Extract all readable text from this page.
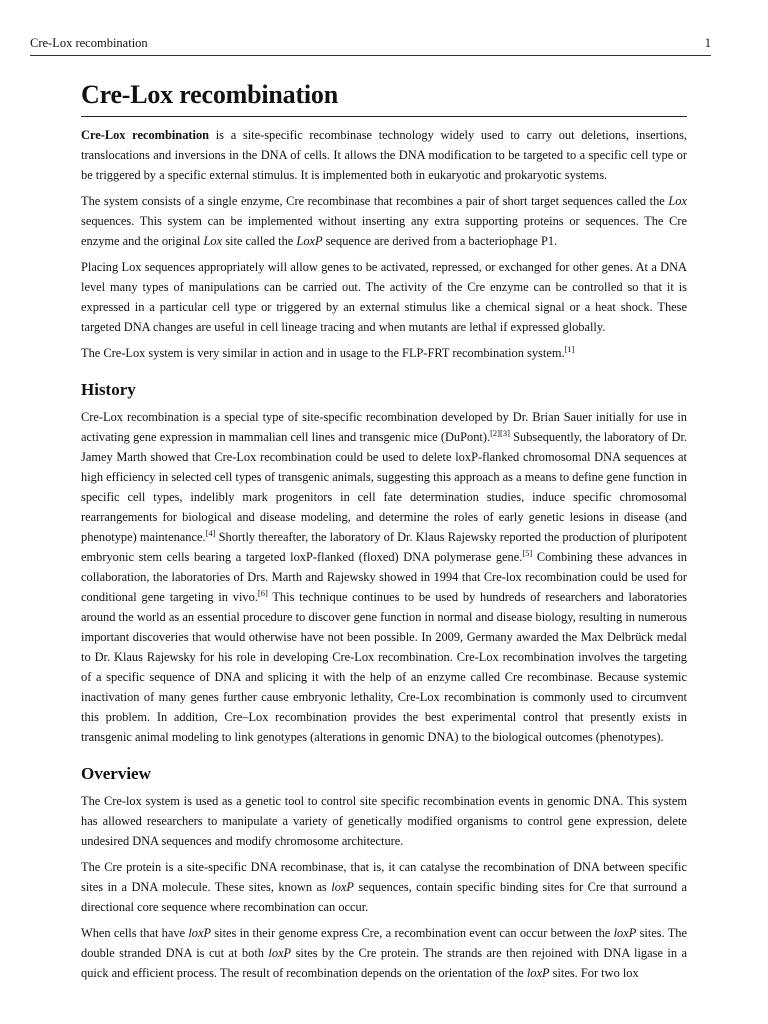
Cre-Lox recombination	1
Cre-Lox recombination

Cre-Lox recombination is a site-specific recombinase technology widely used to carry out deletions, insertions, translocations and inversions in the DNA of cells. It allows the DNA modification to be targeted to a specific cell type or be triggered by a specific external stimulus. It is implemented both in eukaryotic and prokaryotic systems.

The system consists of a single enzyme, Cre recombinase that recombines a pair of short target sequences called the Lox sequences. This system can be implemented without inserting any extra supporting proteins or sequences. The Cre enzyme and the original Lox site called the LoxP sequence are derived from a bacteriophage P1.

Placing Lox sequences appropriately will allow genes to be activated, repressed, or exchanged for other genes. At a DNA level many types of manipulations can be carried out. The activity of the Cre enzyme can be controlled so that it is expressed in a particular cell type or triggered by an external stimulus like a chemical signal or a heat shock. These targeted DNA changes are useful in cell lineage tracing and when mutants are lethal if expressed globally.

The Cre-Lox system is very similar in action and in usage to the FLP-FRT recombination system.[1]

History

Cre-Lox recombination is a special type of site-specific recombination developed by Dr. Brian Sauer initially for use in activating gene expression in mammalian cell lines and transgenic mice (DuPont).[2][3] Subsequently, the laboratory of Dr. Jamey Marth showed that Cre-Lox recombination could be used to delete loxP-flanked chromosomal DNA sequences at high efficiency in selected cell types of transgenic animals, suggesting this approach as a means to define gene function in specific cell types, indelibly mark progenitors in cell fate determination studies, induce specific chromosomal rearrangements for biological and disease modeling, and determine the roles of early genetic lesions in disease (and phenotype) maintenance.[4] Shortly thereafter, the laboratory of Dr. Klaus Rajewsky reported the production of pluripotent embryonic stem cells bearing a targeted loxP-flanked (floxed) DNA polymerase gene.[5] Combining these advances in collaboration, the laboratories of Drs. Marth and Rajewsky showed in 1994 that Cre-lox recombination could be used for conditional gene targeting in vivo.[6] This technique continues to be used by hundreds of researchers and laboratories around the world as an essential procedure to discover gene function in normal and disease biology, resulting in numerous important discoveries that would otherwise have not been possible. In 2009, Germany awarded the Max Delbrück medal to Dr. Klaus Rajewsky for his role in developing Cre-Lox recombination. Cre-Lox recombination involves the targeting of a specific sequence of DNA and splicing it with the help of an enzyme called Cre recombinase. Because systemic inactivation of many genes further cause embryonic lethality, Cre-Lox recombination is commonly used to circumvent this problem. In addition, Cre–Lox recombination provides the best experimental control that presently exists in transgenic animal modeling to link genotypes (alterations in genomic DNA) to the biological outcomes (phenotypes).

Overview

The Cre-lox system is used as a genetic tool to control site specific recombination events in genomic DNA. This system has allowed researchers to manipulate a variety of genetically modified organisms to control gene expression, delete undesired DNA sequences and modify chromosome architecture.

The Cre protein is a site-specific DNA recombinase, that is, it can catalyse the recombination of DNA between specific sites in a DNA molecule. These sites, known as loxP sequences, contain specific binding sites for Cre that surround a directional core sequence where recombination can occur.

When cells that have loxP sites in their genome express Cre, a recombination event can occur between the loxP sites. The double stranded DNA is cut at both loxP sites by the Cre protein. The strands are then rejoined with DNA ligase in a quick and efficient process. The result of recombination depends on the orientation of the loxP sites. For two lox
